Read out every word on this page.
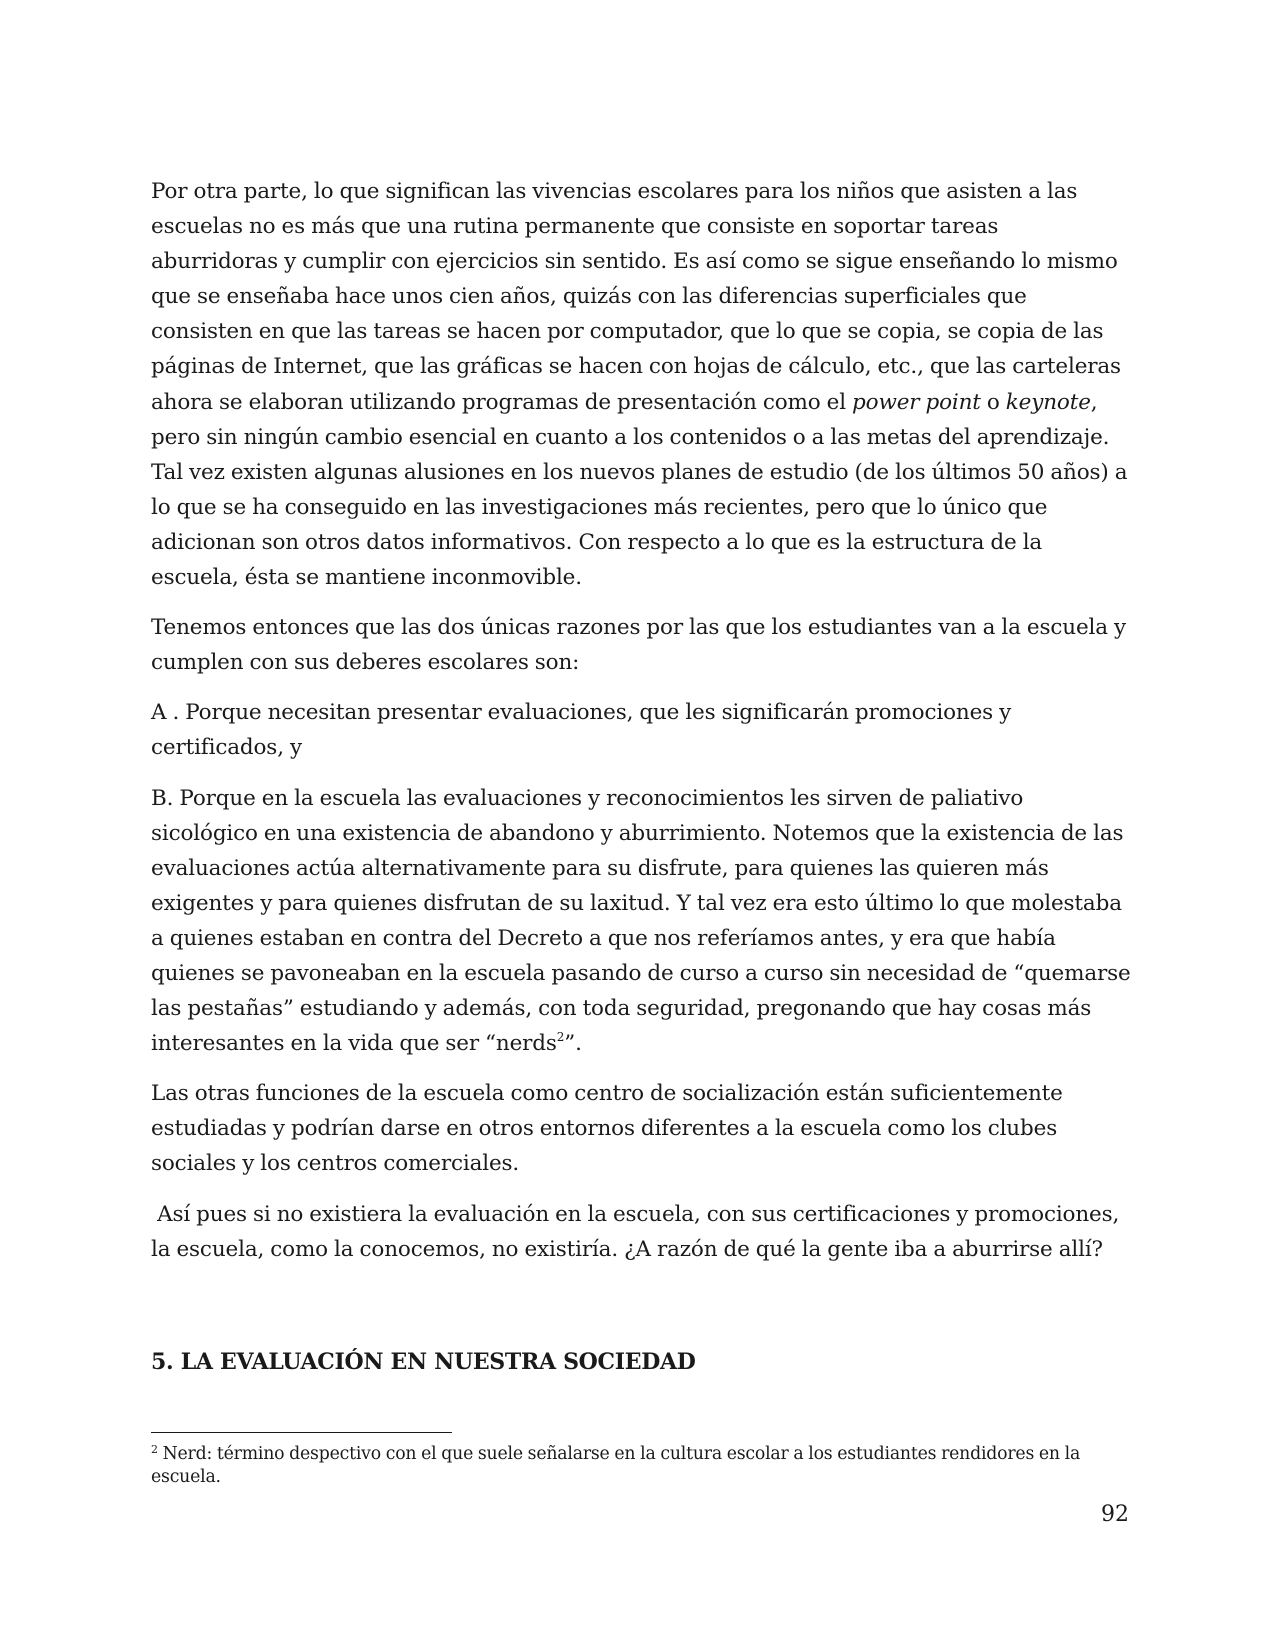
Por otra parte, lo que significan las vivencias escolares para los niños que asisten a las escuelas no es más que una rutina permanente que consiste en soportar tareas aburridoras y cumplir con ejercicios sin sentido. Es así como se sigue enseñando lo mismo que se enseñaba hace unos cien años, quizás con las diferencias superficiales que consisten en que las tareas se hacen por computador, que lo que se copia, se copia de las páginas de Internet, que las gráficas se hacen con hojas de cálculo, etc., que las carteleras ahora se elaboran utilizando programas de presentación como el power point o keynote, pero sin ningún cambio esencial en cuanto a los contenidos o a las metas del aprendizaje. Tal vez existen algunas alusiones en los nuevos planes de estudio (de los últimos 50 años) a lo que se ha conseguido en las investigaciones más recientes, pero que lo único que adicionan son otros datos informativos. Con respecto a lo que es la estructura de la escuela, ésta se mantiene inconmovible.

Tenemos entonces que las dos únicas razones por las que los estudiantes van a la escuela y cumplen con sus deberes escolares son:

A . Porque necesitan presentar evaluaciones, que les significarán promociones y certificados, y

B. Porque en la escuela las evaluaciones y reconocimientos les sirven de paliativo sicológico en una existencia de abandono y aburrimiento. Notemos que la existencia de las evaluaciones actúa alternativamente para su disfrute, para quienes las quieren más exigentes y para quienes disfrutan de su laxitud. Y tal vez era esto último lo que molestaba a quienes estaban en contra del Decreto a que nos referíamos antes, y era que había quienes se pavoneaban en la escuela pasando de curso a curso sin necesidad de “quemarse las pestañas” estudiando y además, con toda seguridad, pregonando que hay cosas más interesantes en la vida que ser “nerds$^2$”.

Las otras funciones de la escuela como centro de socialización están suficientemente estudiadas y podrían darse en otros entornos diferentes a la escuela como los clubes sociales y los centros comerciales.

Así pues si no existiera la evaluación en la escuela, con sus certificaciones y promociones, la escuela, como la conocemos, no existiría. ¿A razón de qué la gente iba a aburrirse allí?

5. LA EVALUACIÓN EN NUESTRA SOCIEDAD

$^2$ Nerd: término despectivo con el que suele señalarse en la cultura escolar a los estudiantes rendidores en la escuela.

92
